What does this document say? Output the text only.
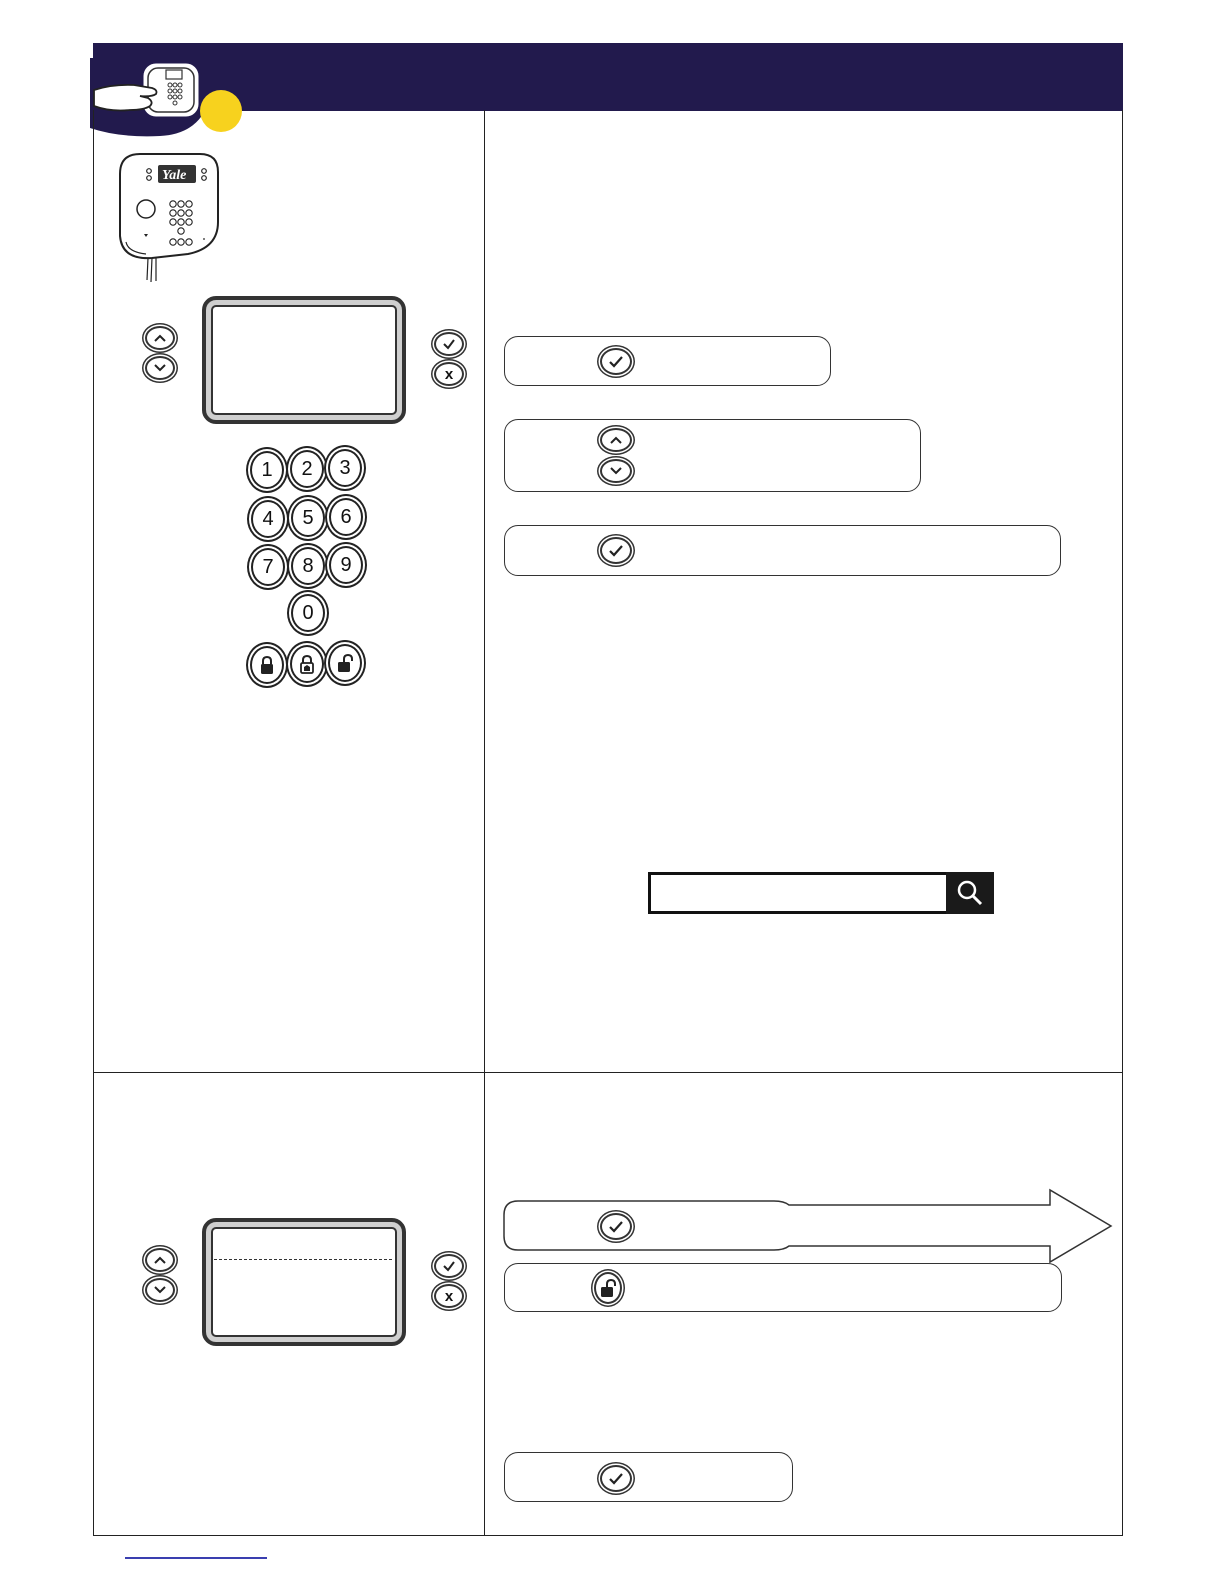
Yale
x
1	2	3
4	5	6
7	8	9
0
x
